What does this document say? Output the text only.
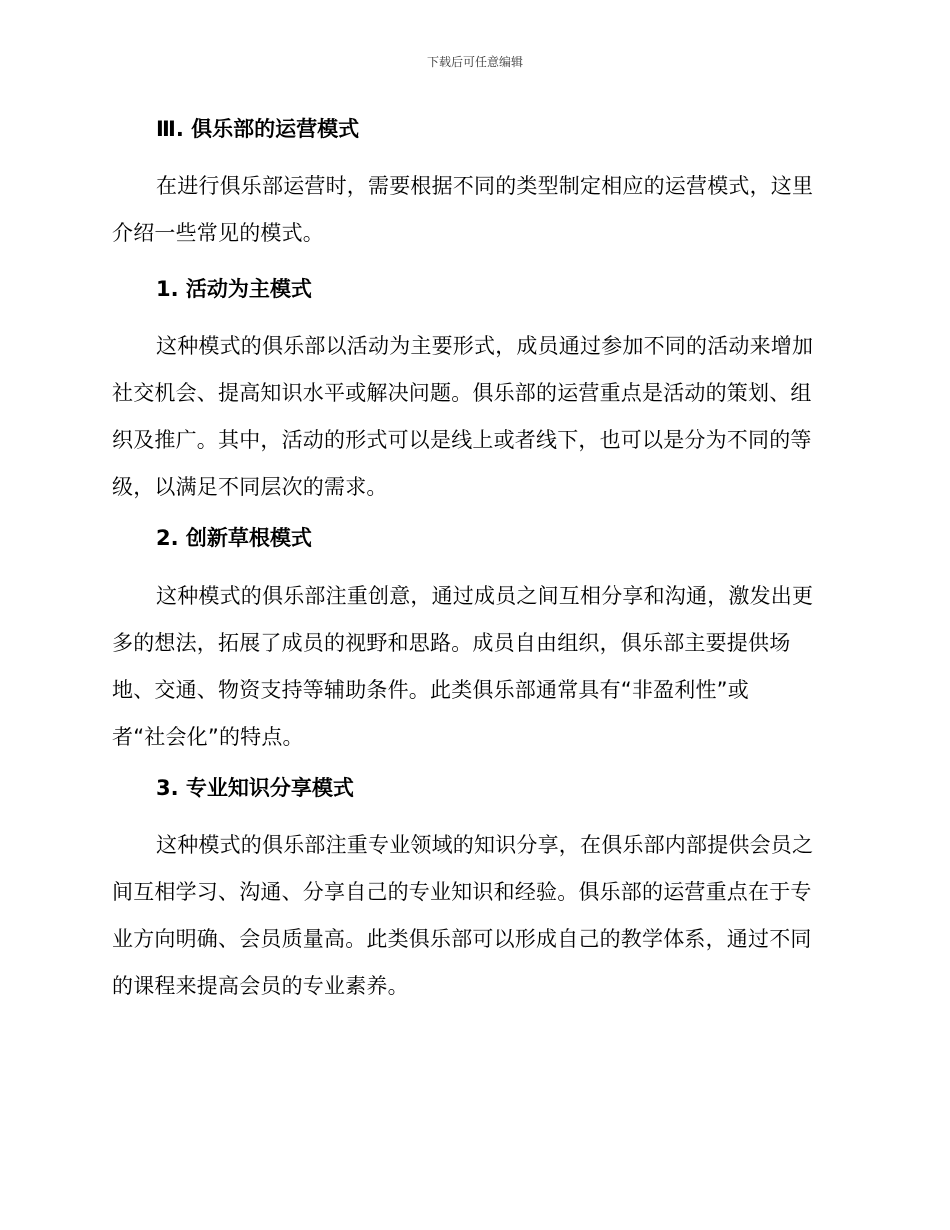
下载后可任意编辑
Ⅲ. 俱乐部的运营模式
在进行俱乐部运营时，需要根据不同的类型制定相应的运营模式，这里
介绍一些常见的模式。
1. 活动为主模式
这种模式的俱乐部以活动为主要形式，成员通过参加不同的活动来增加
社交机会、提高知识水平或解决问题。俱乐部的运营重点是活动的策划、组
织及推广。其中，活动的形式可以是线上或者线下，也可以是分为不同的等
级，以满足不同层次的需求。
2. 创新草根模式
这种模式的俱乐部注重创意，通过成员之间互相分享和沟通，激发出更
多的想法，拓展了成员的视野和思路。成员自由组织，俱乐部主要提供场
地、交通、物资支持等辅助条件。此类俱乐部通常具有“非盈利性”或
者“社会化”的特点。
3. 专业知识分享模式
这种模式的俱乐部注重专业领域的知识分享，在俱乐部内部提供会员之
间互相学习、沟通、分享自己的专业知识和经验。俱乐部的运营重点在于专
业方向明确、会员质量高。此类俱乐部可以形成自己的教学体系，通过不同
的课程来提高会员的专业素养。
